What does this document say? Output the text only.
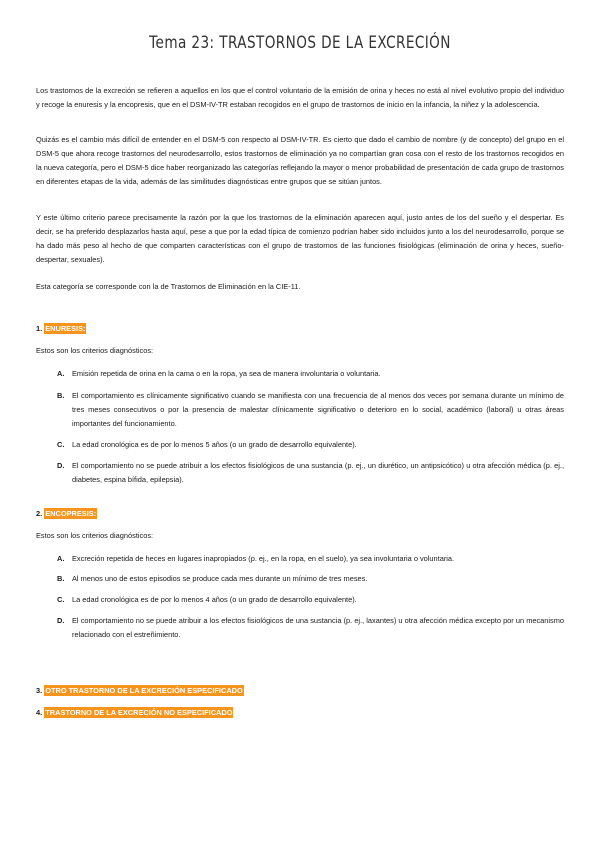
Tema 23: TRASTORNOS DE LA EXCRECIÓN

Los trastornos de la excreción se refieren a aquellos en los que el control voluntario de la emisión de orina y heces no está al nivel evolutivo propio del individuo y recoge la enuresis y la encopresis, que en el DSM-IV-TR estaban recogidos en el grupo de trastornos de inicio en la infancia, la niñez y la adolescencia.

Quizás es el cambio más difícil de entender en el DSM-5 con respecto al DSM-IV-TR. Es cierto que dado el cambio de nombre (y de concepto) del grupo en el DSM-5 que ahora recoge trastornos del neurodesarrollo, estos trastornos de eliminación ya no compartían gran cosa con el resto de los trastornos recogidos en la nueva categoría, pero el DSM-5 dice haber reorganizado las categorías reflejando la mayor o menor probabilidad de presentación de cada grupo de trastornos en diferentes etapas de la vida, además de las similitudes diagnósticas entre grupos que se sitúan juntos.

Y este último criterio parece precisamente la razón por la que los trastornos de la eliminación aparecen aquí, justo antes de los del sueño y el despertar. Es decir, se ha preferido desplazarlos hasta aquí, pese a que por la edad típica de comienzo podrían haber sido incluidos junto a los del neurodesarrollo, porque se ha dado más peso al hecho de que comparten características con el grupo de trastornos de las funciones fisiológicas (eliminación de orina y heces, sueño-despertar, sexuales).

Esta categoría se corresponde con la de Trastornos de Eliminación en la CIE-11.

1. ENURESIS:
Estos son los criterios diagnósticos:
A. Emisión repetida de orina en la cama o en la ropa, ya sea de manera involuntaria o voluntaria.
B. El comportamiento es clínicamente significativo cuando se manifiesta con una frecuencia de al menos dos veces por semana durante un mínimo de tres meses consecutivos o por la presencia de malestar clínicamente significativo o deterioro en lo social, académico (laboral) u otras áreas importantes del funcionamiento.
C. La edad cronológica es de por lo menos 5 años (o un grado de desarrollo equivalente).
D. El comportamiento no se puede atribuir a los efectos fisiológicos de una sustancia (p. ej., un diurético, un antipsicótico) u otra afección médica (p. ej., diabetes, espina bífida, epilepsia).
2. ENCOPRESIS:
Estos son los criterios diagnósticos:
A. Excreción repetida de heces en lugares inapropiados (p. ej., en la ropa, en el suelo), ya sea involuntaria o voluntaria.
B. Al menos uno de estos episodios se produce cada mes durante un mínimo de tres meses.
C. La edad cronológica es de por lo menos 4 años (o un grado de desarrollo equivalente).
D. El comportamiento no se puede atribuir a los efectos fisiológicos de una sustancia (p. ej., laxantes) u otra afección médica excepto por un mecanismo relacionado con el estreñimiento.
3. OTRO TRASTORNO DE LA EXCRECIÓN ESPECIFICADO
4. TRASTORNO DE LA EXCRECIÓN NO ESPECIFICADO
